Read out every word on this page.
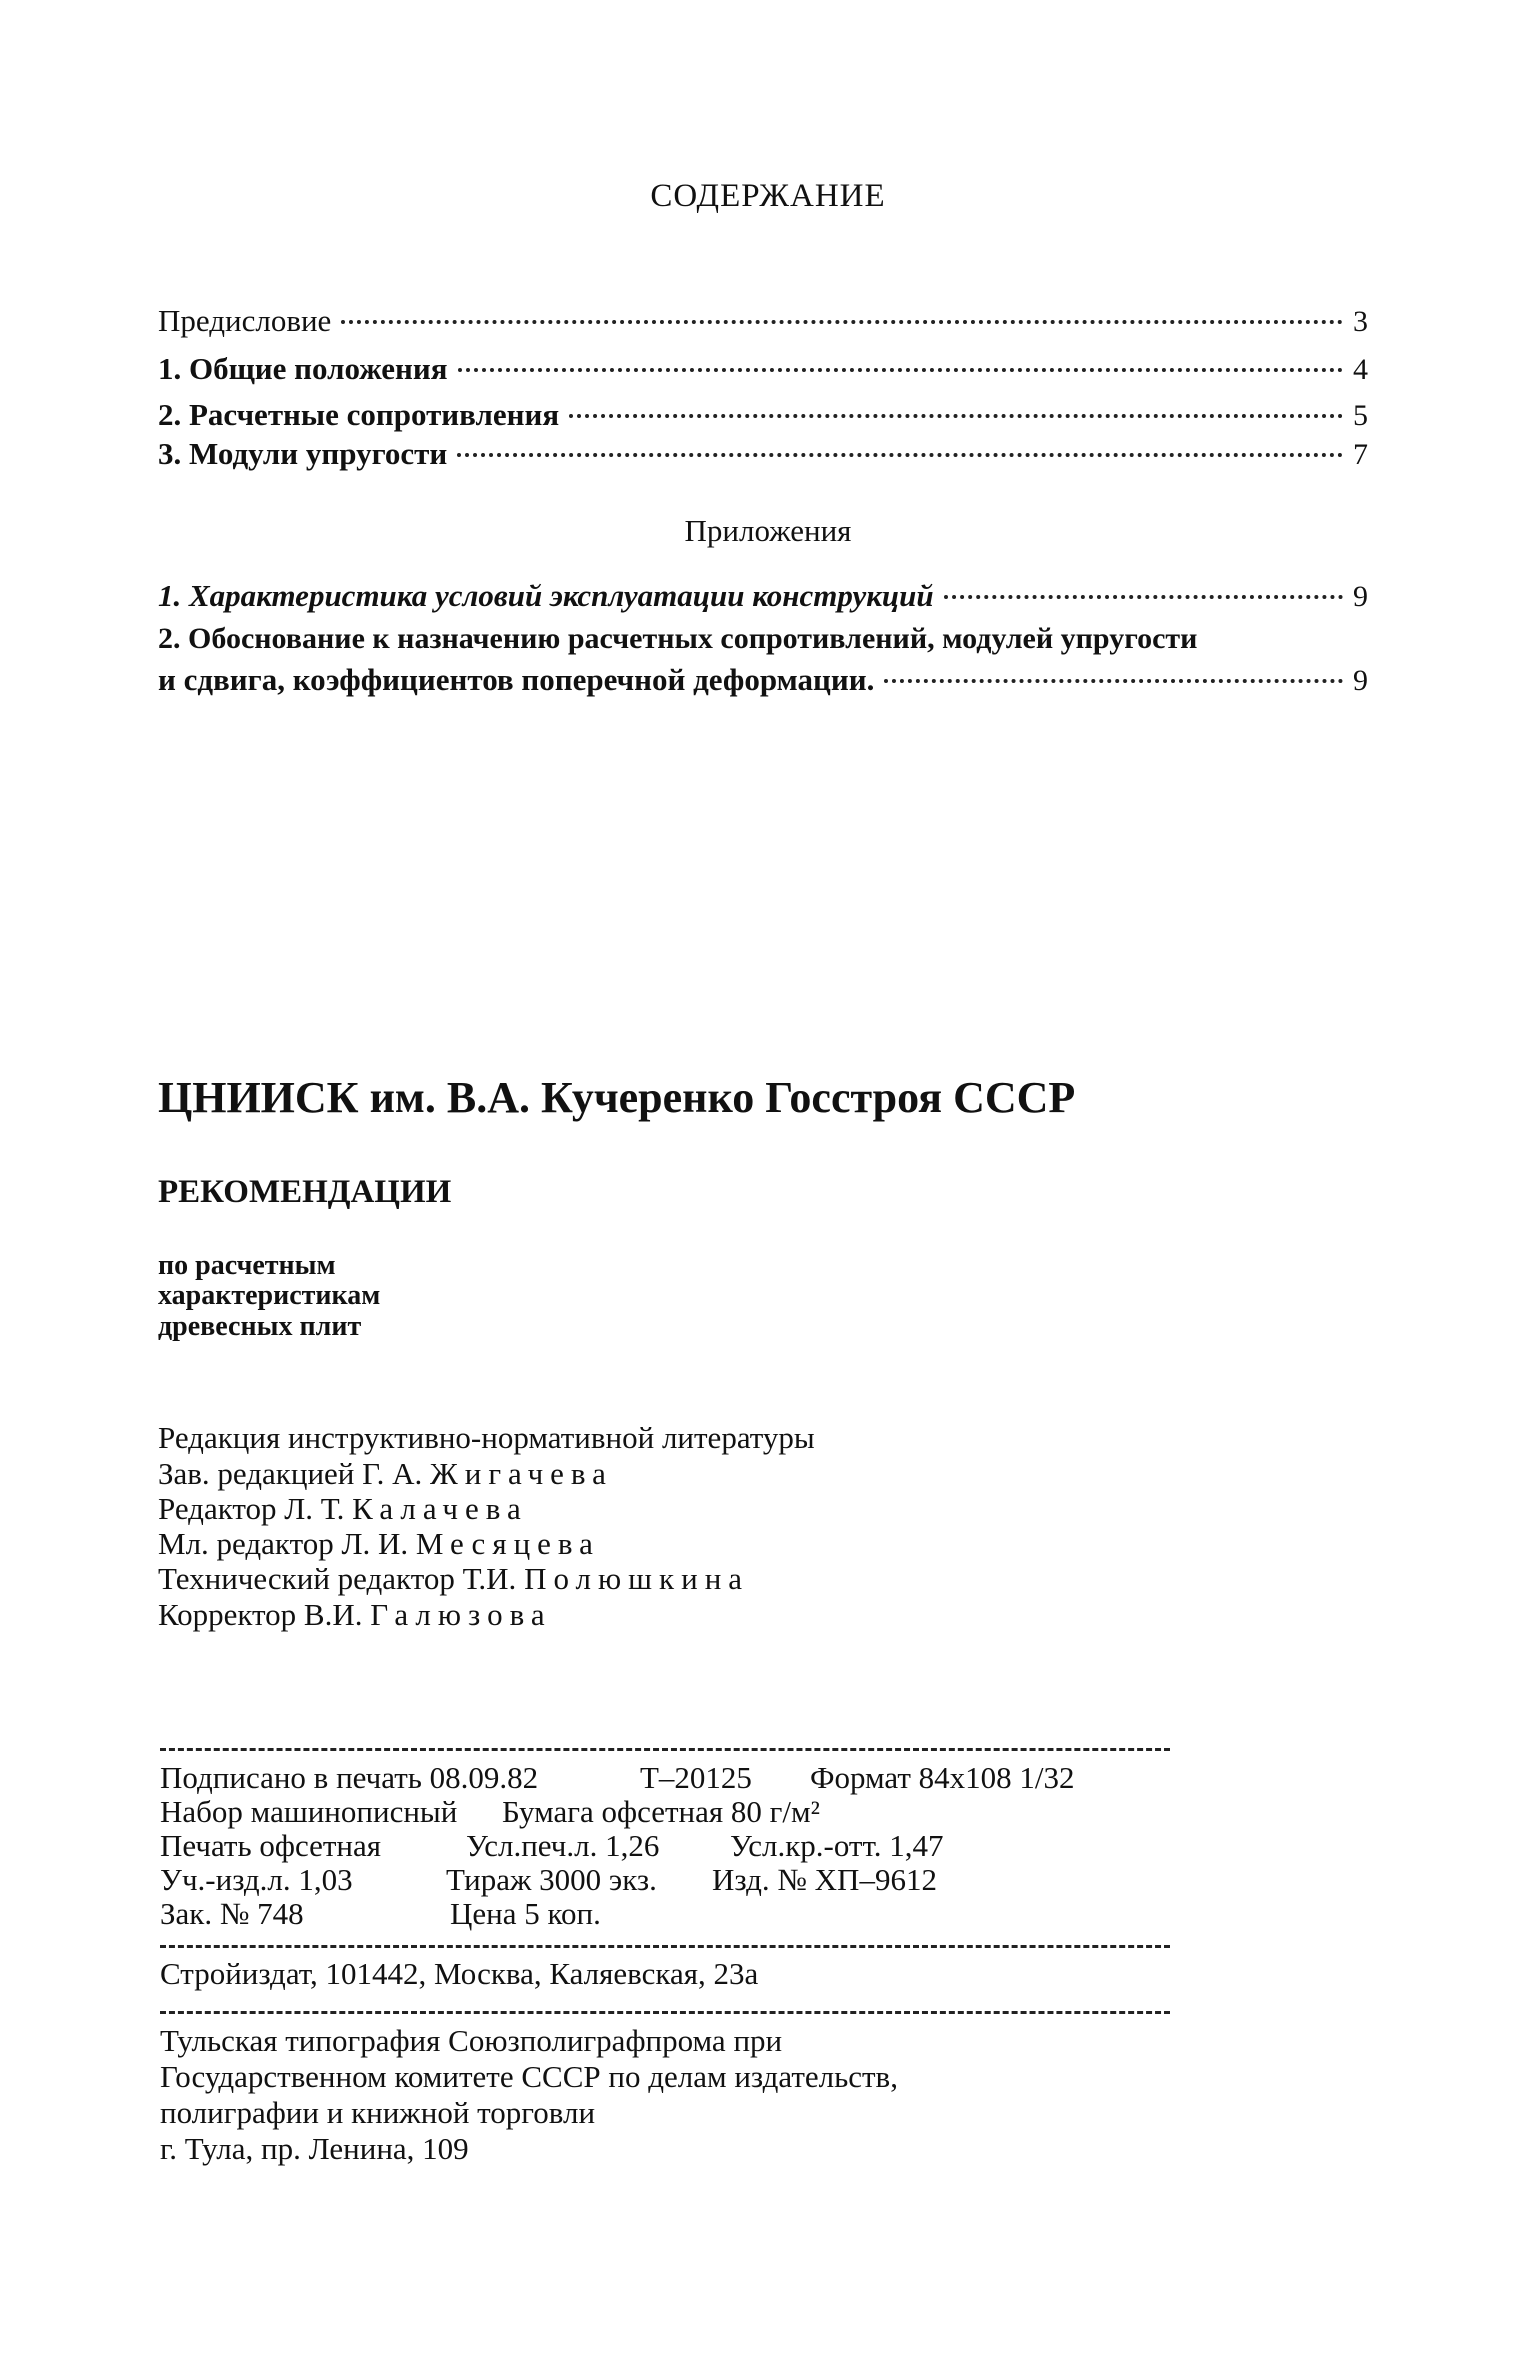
СОДЕРЖАНИЕ
Предисловие	3
1. Общие положения	4
2. Расчетные сопротивления	5
3. Модули упругости	7
Приложения
1. Характеристика условий эксплуатации конструкций	9
2. Обоснование к назначению расчетных сопротивлений, модулей упругости
и сдвига, коэффициентов поперечной деформации.	9
ЦНИИСК им. В.А. Кучеренко Госстроя СССР
РЕКОМЕНДАЦИИ
по расчетным
характеристикам
древесных плит
Редакция инструктивно-нормативной литературы
Зав. редакцией Г. А. Жигачева
Редактор Л. Т. Калачева
Мл. редактор Л. И. Месяцева
Технический редактор Т.И. Полюшкина
Корректор В.И. Галюзова
Подписано в печать 08.09.82	Т–20125 Формат 84х108 1/32
Набор машинописный Бумага офсетная 80 г/м²
Печать офсетная	Усл.печ.л. 1,26 Усл.кр.-отт. 1,47
Уч.-изд.л. 1,03	Тираж 3000 экз. Изд. № ХП–9612
Зак. № 748	Цена 5 коп.
Стройиздат, 101442, Москва, Каляевская, 23а
Тульская типография Союзполиграфпрома при
Государственном комитете СССР по делам издательств,
полиграфии и книжной торговли
г. Тула, пр. Ленина, 109
